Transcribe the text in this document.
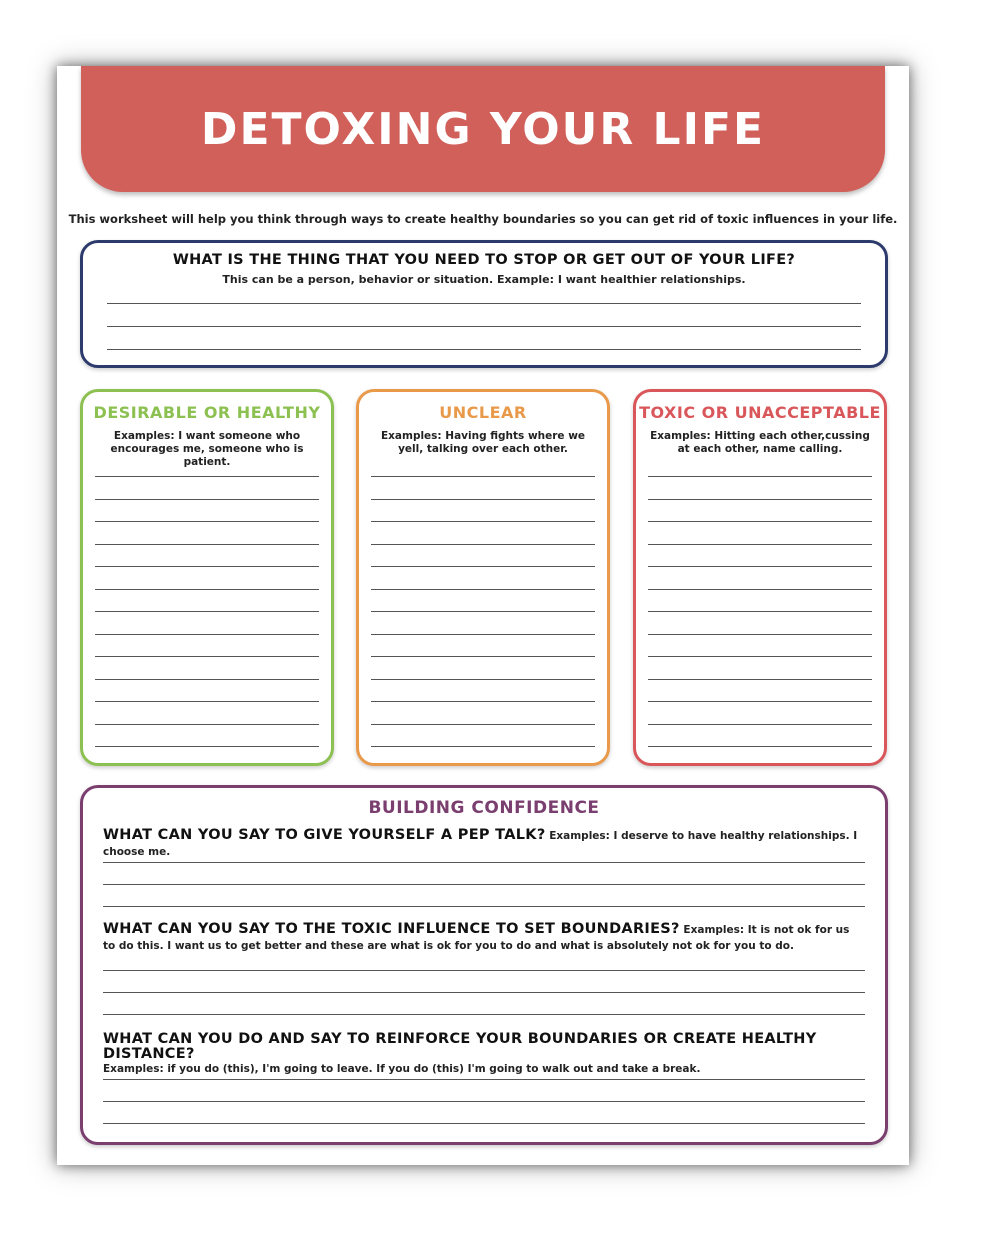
DETOXING YOUR LIFE
This worksheet will help you think through ways to create healthy boundaries so you can get rid of toxic influences in your life.
WHAT IS THE THING THAT YOU NEED TO STOP OR GET OUT OF YOUR LIFE?
This can be a person, behavior or situation. Example: I want healthier relationships.
DESIRABLE OR HEALTHY
Examples: I want someone who encourages me, someone who is patient.
UNCLEAR
Examples: Having fights where we yell, talking over each other.
TOXIC OR UNACCEPTABLE
Examples: Hitting each other,cussing at each other, name calling.
BUILDING CONFIDENCE
WHAT CAN YOU SAY TO GIVE YOURSELF A PEP TALK? Examples: I deserve to have healthy relationships. I choose me.
WHAT CAN YOU SAY TO THE TOXIC INFLUENCE TO SET BOUNDARIES? Examples: It is not ok for us to do this. I want us to get better and these are what is ok for you to do and what is absolutely not ok for you to do.
WHAT CAN YOU DO AND SAY TO REINFORCE YOUR BOUNDARIES OR CREATE HEALTHY DISTANCE?
Examples: if you do (this), I'm going to leave. If you do (this) I'm going to walk out and take a break.
